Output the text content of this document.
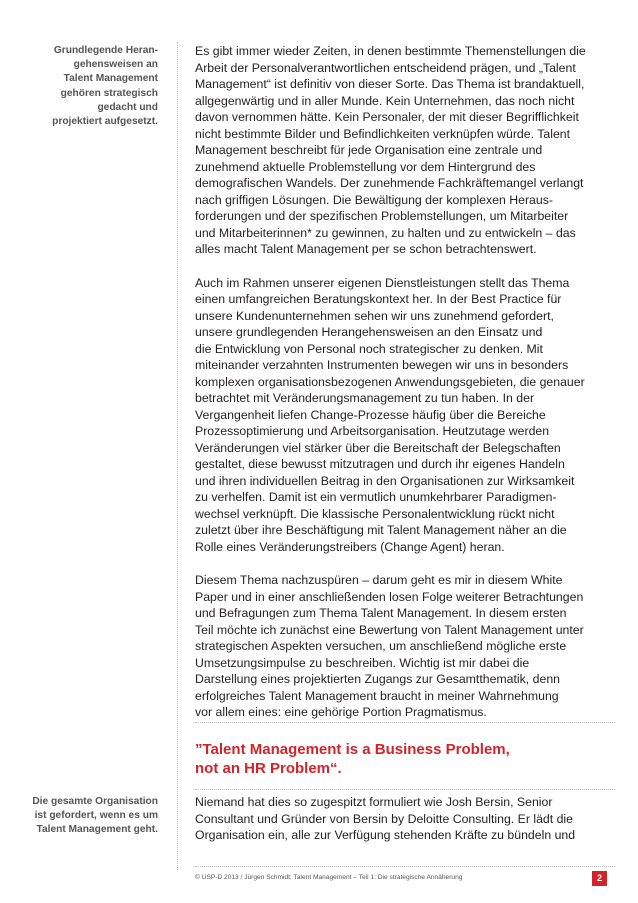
Grundlegende Heran-

gehensweisen an

Talent Management

gehören strategisch

gedacht und

projektiert aufgesetzt.

Die gesamte Organisation

ist gefordert, wenn es um

Talent Management geht.

Es gibt immer wieder Zeiten, in denen bestimmte Themenstellungen die
Arbeit der Personalverantwortlichen entscheidend prägen, und „Talent
Management“ ist definitiv von dieser Sorte. Das Thema ist brandaktuell,
allgegenwärtig und in aller Munde. Kein Unternehmen, das noch nicht
davon vernommen hätte. Kein Personaler, der mit dieser Begrifflichkeit
nicht bestimmte Bilder und Befindlichkeiten verknüpfen würde. Talent
Management beschreibt für jede Organisation eine zentrale und
zunehmend aktuelle Problemstellung vor dem Hintergrund des
demografischen Wandels. Der zunehmende Fachkräftemangel verlangt
nach griffigen Lösungen. Die Bewältigung der komplexen Heraus-
forderungen und der spezifischen Problemstellungen, um Mitarbeiter
und Mitarbeiterinnen* zu gewinnen, zu halten und zu entwickeln – das
alles macht Talent Management per se schon betrachtenswert.

Auch im Rahmen unserer eigenen Dienstleistungen stellt das Thema
einen umfangreichen Beratungskontext her. In der Best Practice für
unsere Kundenunternehmen sehen wir uns zunehmend gefordert,
unsere grundlegenden Herangehensweisen an den Einsatz und
die Entwicklung von Personal noch strategischer zu denken. Mit
miteinander verzahnten Instrumenten bewegen wir uns in besonders
komplexen organisationsbezogenen Anwendungsgebieten, die genauer
betrachtet mit Veränderungsmanagement zu tun haben. In der
Vergangenheit liefen Change-Prozesse häufig über die Bereiche
Prozessoptimierung und Arbeitsorganisation. Heutzutage werden
Veränderungen viel stärker über die Bereitschaft der Belegschaften
gestaltet, diese bewusst mitzutragen und durch ihr eigenes Handeln
und ihren individuellen Beitrag in den Organisationen zur Wirksamkeit
zu verhelfen. Damit ist ein vermutlich unumkehrbarer Paradigmen-
wechsel verknüpft. Die klassische Personalentwicklung rückt nicht
zuletzt über ihre Beschäftigung mit Talent Management näher an die
Rolle eines Veränderungstreibers (Change Agent) heran.

Diesem Thema nachzuspüren – darum geht es mir in diesem White
Paper und in einer anschließenden losen Folge weiterer Betrachtungen
und Befragungen zum Thema Talent Management. In diesem ersten
Teil möchte ich zunächst eine Bewertung von Talent Management unter
strategischen Aspekten versuchen, um anschließend mögliche erste
Umsetzungsimpulse zu beschreiben. Wichtig ist mir dabei die
Darstellung eines projektierten Zugangs zur Gesamtthematik, denn
erfolgreiches Talent Management braucht in meiner Wahrnehmung
vor allem eines: eine gehörige Portion Pragmatismus.

”Talent Management is a Business Problem,
not an HR Problem“.

Niemand hat dies so zugespitzt formuliert wie Josh Bersin, Senior
Consultant und Gründer von Bersin by Deloitte Consulting. Er lädt die
Organisation ein, alle zur Verfügung stehenden Kräfte zu bündeln und

© USP-D 2013 / Jürgen Schmidt: Talent Management – Teil 1: Die strategische Annäherung	2
